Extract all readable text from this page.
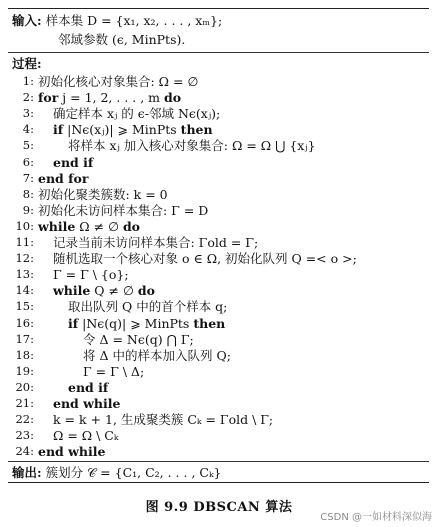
输入: 样本集 D = {x₁, x₂, . . . , xₘ};
邻域参数 (ϵ, MinPts).
过程:
1: 初始化核心对象集合: Ω = ∅
2: for j = 1, 2, . . . , m do
3: 确定样本 xⱼ 的 ϵ-邻域 Nϵ(xⱼ);
4: if |Nϵ(xⱼ)| ⩾ MinPts then
5:	将样本 xⱼ 加入核心对象集合: Ω = Ω ⋃ {xⱼ}
6: end if
7: end for
8: 初始化聚类簇数: k = 0
9: 初始化未访问样本集合: Γ = D
10: while Ω ≠ ∅ do
11: 记录当前未访问样本集合: Γold = Γ;
12: 随机选取一个核心对象 o ∈ Ω, 初始化队列 Q =< o >;
13: Γ = Γ \ {o};
14: while Q ≠ ∅ do
15:	取出队列 Q 中的首个样本 q;
16:	if |Nϵ(q)| ⩾ MinPts then
17:	令 Δ = Nϵ(q) ⋂ Γ;
18:	将 Δ 中的样本加入队列 Q;
19:	Γ = Γ \ Δ;
20:	end if
21: end while
22: k = k + 1, 生成聚类簇 Cₖ = Γold \ Γ;
23: Ω = Ω \ Cₖ
24: end while
输出: 簇划分 𝒞 = {C₁, C₂, . . . , Cₖ}
图 9.9 DBSCAN 算法
CSDN @一如材料深似海
